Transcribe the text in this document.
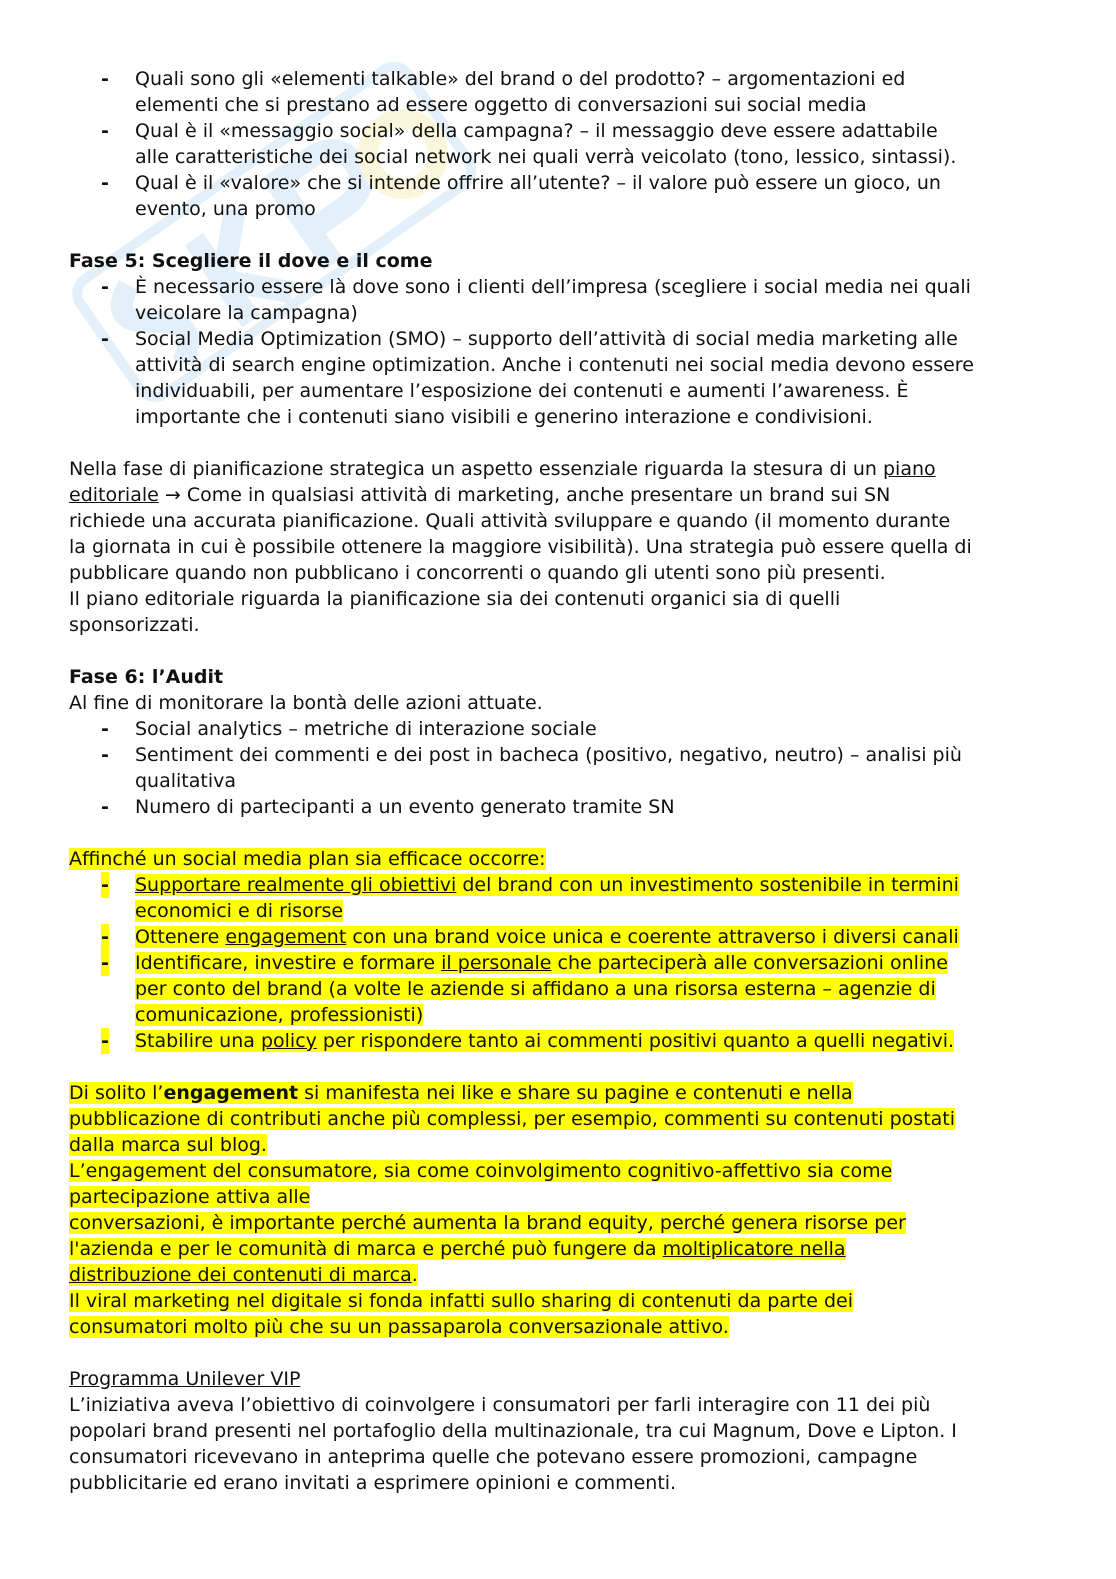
- Quali sono gli «elementi talkable» del brand o del prodotto? – argomentazioni ed
elementi che si prestano ad essere oggetto di conversazioni sui social media
- Qual è il «messaggio social» della campagna? – il messaggio deve essere adattabile
alle caratteristiche dei social network nei quali verrà veicolato (tono, lessico, sintassi).
- Qual è il «valore» che si intende offrire all’utente? – il valore può essere un gioco, un
evento, una promo
Fase 5: Scegliere il dove e il come
- È necessario essere là dove sono i clienti dell’impresa (scegliere i social media nei quali
veicolare la campagna)
- Social Media Optimization (SMO) – supporto dell’attività di social media marketing alle
attività di search engine optimization. Anche i contenuti nei social media devono essere
individuabili, per aumentare l’esposizione dei contenuti e aumenti l’awareness. È
importante che i contenuti siano visibili e generino interazione e condivisioni.
Nella fase di pianificazione strategica un aspetto essenziale riguarda la stesura di un piano
editoriale → Come in qualsiasi attività di marketing, anche presentare un brand sui SN
richiede una accurata pianificazione. Quali attività sviluppare e quando (il momento durante
la giornata in cui è possibile ottenere la maggiore visibilità). Una strategia può essere quella di
pubblicare quando non pubblicano i concorrenti o quando gli utenti sono più presenti.
Il piano editoriale riguarda la pianificazione sia dei contenuti organici sia di quelli
sponsorizzati.
Fase 6: l’Audit
Al fine di monitorare la bontà delle azioni attuate.
- Social analytics – metriche di interazione sociale
- Sentiment dei commenti e dei post in bacheca (positivo, negativo, neutro) – analisi più
qualitativa
- Numero di partecipanti a un evento generato tramite SN
Affinché un social media plan sia efficace occorre:
- Supportare realmente gli obiettivi del brand con un investimento sostenibile in termini
economici e di risorse
- Ottenere engagement con una brand voice unica e coerente attraverso i diversi canali
- Identificare, investire e formare il personale che parteciperà alle conversazioni online
per conto del brand (a volte le aziende si affidano a una risorsa esterna – agenzie di
comunicazione, professionisti)
- Stabilire una policy per rispondere tanto ai commenti positivi quanto a quelli negativi.
Di solito l’engagement si manifesta nei like e share su pagine e contenuti e nella
pubblicazione di contributi anche più complessi, per esempio, commenti su contenuti postati
dalla marca sul blog.
L’engagement del consumatore, sia come coinvolgimento cognitivo-affettivo sia come
partecipazione attiva alle
conversazioni, è importante perché aumenta la brand equity, perché genera risorse per
l'azienda e per le comunità di marca e perché può fungere da moltiplicatore nella
distribuzione dei contenuti di marca.
Il viral marketing nel digitale si fonda infatti sullo sharing di contenuti da parte dei
consumatori molto più che su un passaparola conversazionale attivo.
Programma Unilever VIP
L’iniziativa aveva l’obiettivo di coinvolgere i consumatori per farli interagire con 11 dei più
popolari brand presenti nel portafoglio della multinazionale, tra cui Magnum, Dove e Lipton. I
consumatori ricevevano in anteprima quelle che potevano essere promozioni, campagne
pubblicitarie ed erano invitati a esprimere opinioni e commenti.
